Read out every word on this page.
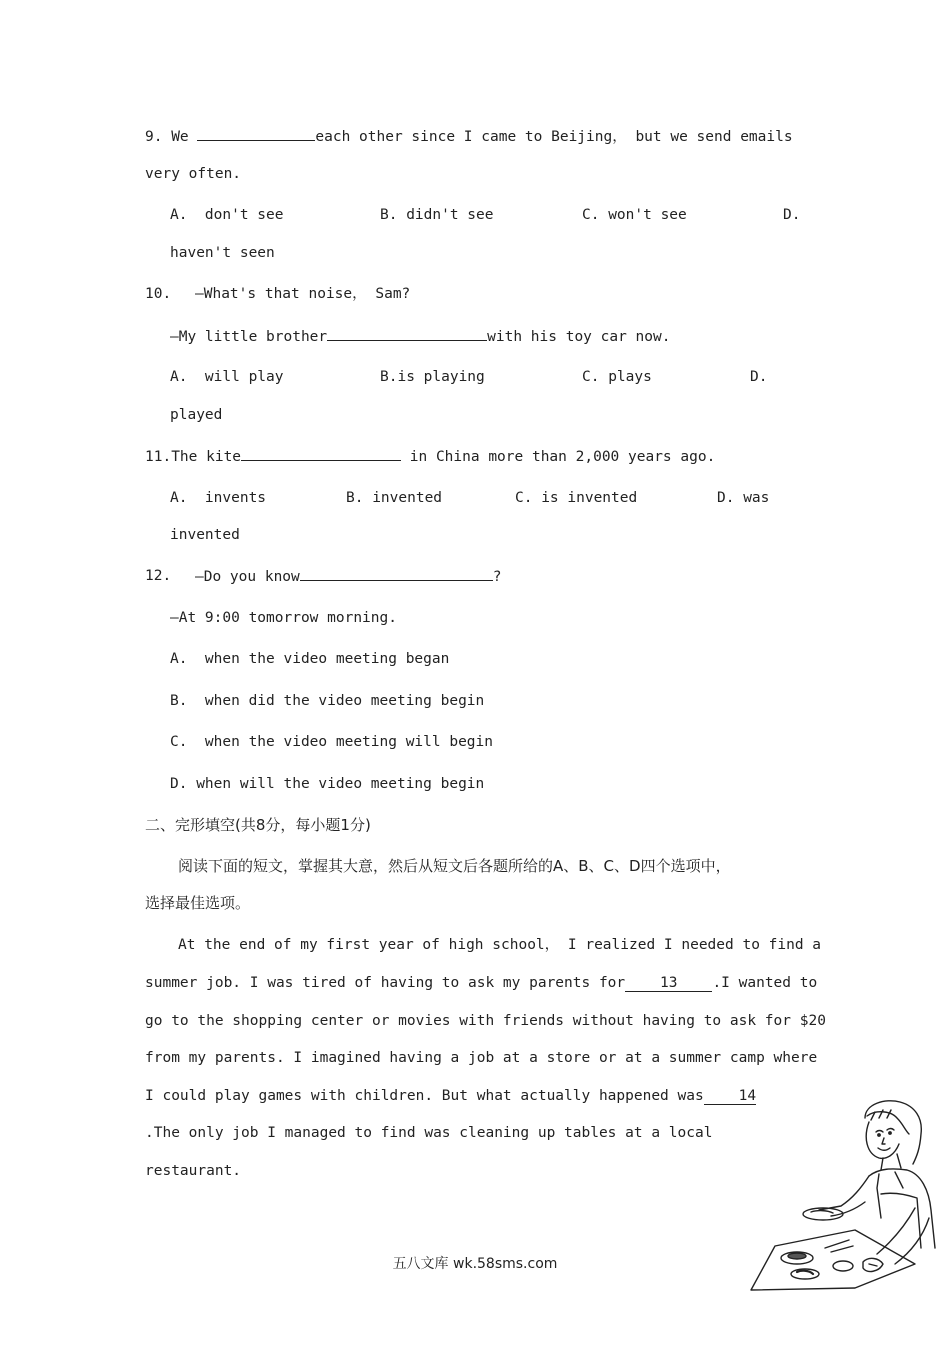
9. We	each other since I came to Beijing， but we send emails
very often.
A.  don't see	B. didn't see	C. won't see	D.
haven't seen
10. —What's that noise， Sam?
—My little brother	with his toy car now.
A.  will play	B.is playing	C. plays	D.
played
11.The kite	in China more than 2,000 years ago.
A.  invents	B. invented	C. is invented	D. was
invented
12. —Do you know	?
—At 9:00 tomorrow morning.
A.  when the video meeting began
B.  when did the video meeting begin
C.  when the video meeting will begin
D. when will the video meeting begin
二、完形填空(共8分，每小题1分)
阅读下面的短文，掌握其大意，然后从短文后各题所给的A、B、C、D四个选项中，
选择最佳选项。
At the end of my first year of high school， I realized I needed to find a
summer job. I was tired of having to ask my parents for    13    .I wanted to
go to the shopping center or movies with friends without having to ask for $20
from my parents. I imagined having a job at a store or at a summer camp where
I could play games with children. But what actually happened was    14
.The only job I managed to find was cleaning up tables at a local
restaurant.
五八文库 wk.58sms.com
